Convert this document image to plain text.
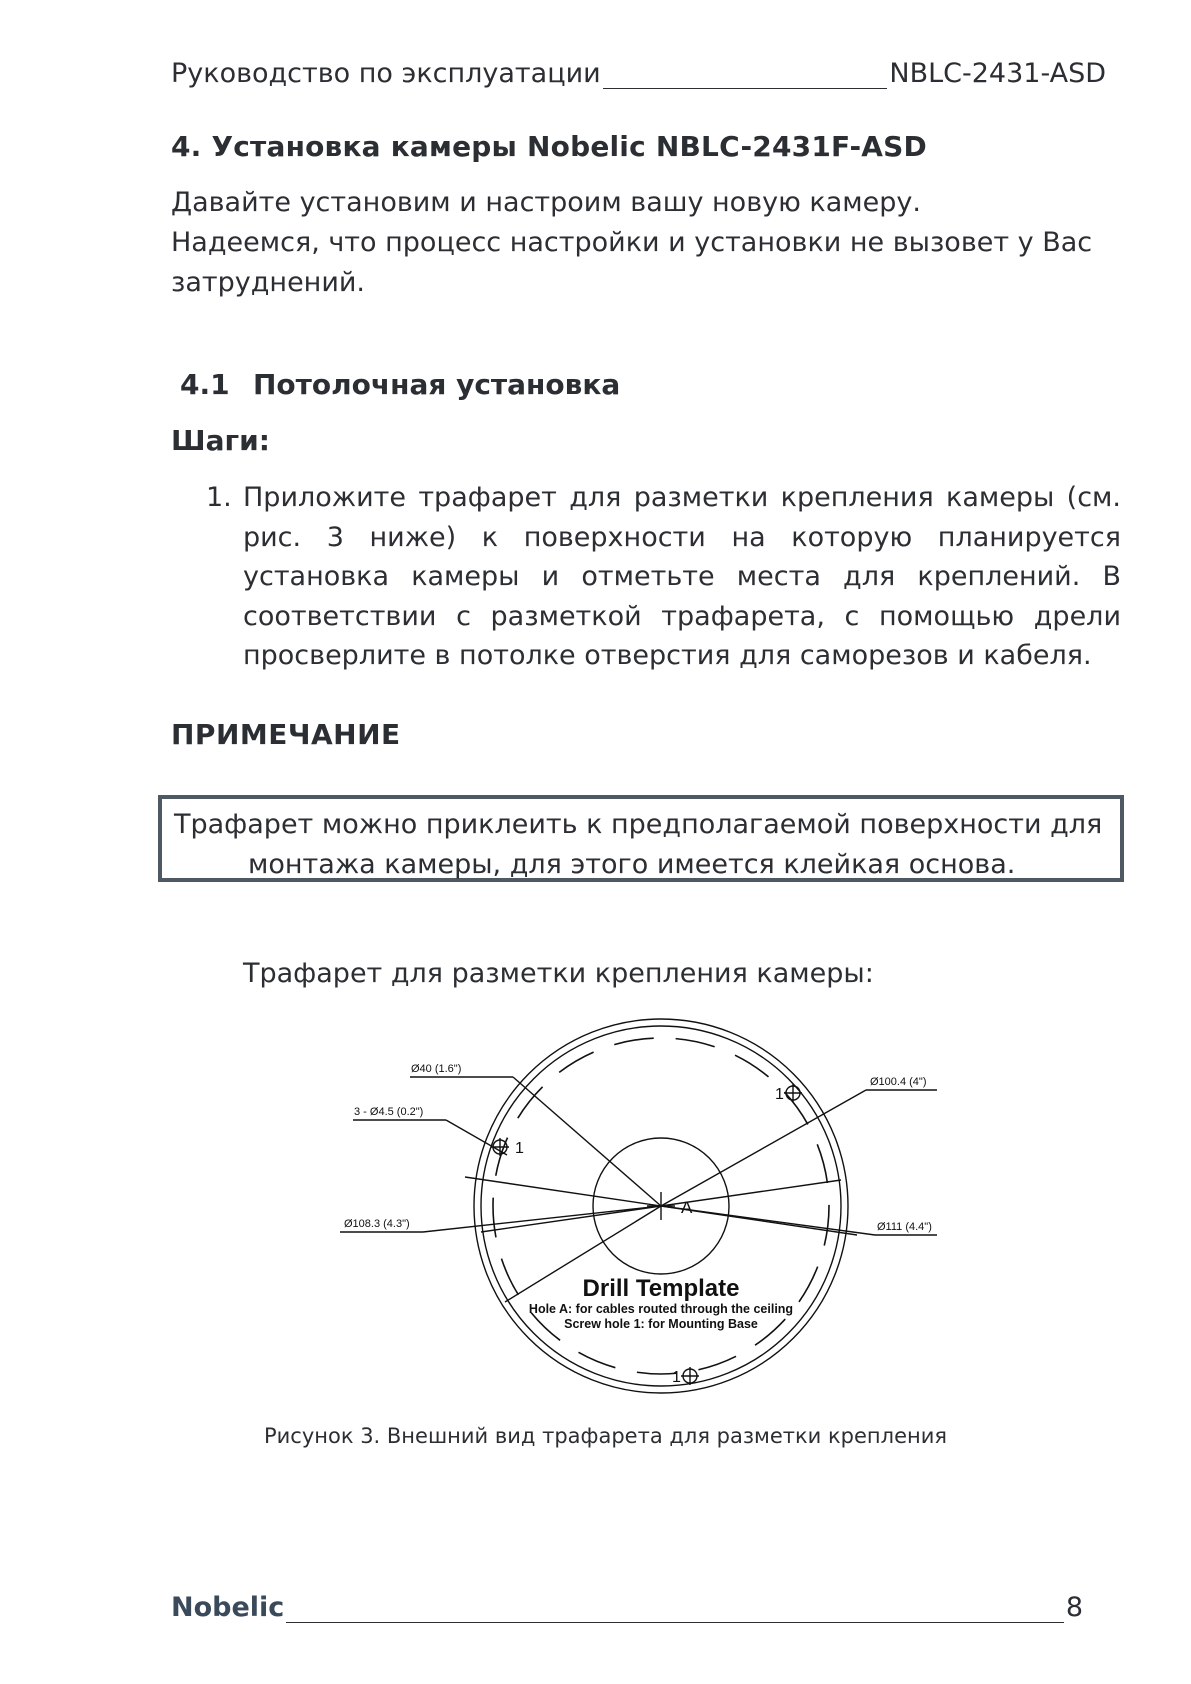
Руководство по эксплуатации	NBLC-2431-ASD
4. Установка камеры Nobelic NBLC-2431F-ASD

Давайте установим и настроим вашу новую камеру.

Надеемся, что процесс настройки и установки не вызовет у Вас затруднений.

4.1 Потолочная установка
Шаги:
1. Приложите трафарет для разметки крепления камеры (см. рис. 3 ниже) к поверхности на которую планируется установка камеры и отметьте места для креплений. В соответствии с разметкой трафарета, с помощью дрели просверлите в потолке отверстия для саморезов и кабеля.
ПРИМЕЧАНИЕ
Трафарет можно приклеить к предполагаемой поверхности для
монтажа камеры, для этого имеется клейкая основа.
Трафарет для разметки крепления камеры:
Ø40 (1.6")
3 - Ø4.5 (0.2")
Ø108.3 (4.3")
Ø100.4 (4")
Ø111 (4.4")
A
1
1
1
Drill Template
Hole A: for cables routed through the ceiling
Screw hole 1: for Mounting Base
Рисунок 3. Внешний вид трафарета для разметки крепления
Nobelic	8
